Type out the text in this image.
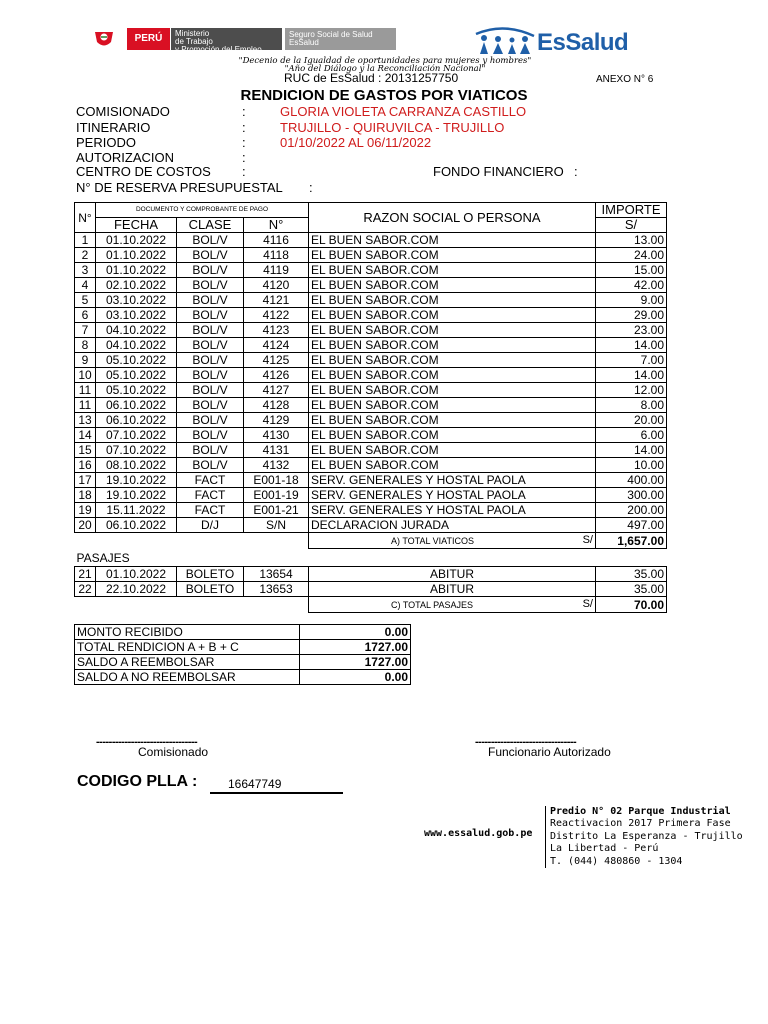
PERÚ	Ministerio
de Trabajo
y Promoción del Empleo
Seguro Social de Salud
EsSalud	EsSalud
"Decenio de la Igualdad de oportunidades para mujeres y hombres"
"Año del Diálogo y la Reconciliación Nacional"
RUC de EsSalud : 20131257750	ANEXO N° 6
RENDICION DE GASTOS POR VIATICOS
COMISIONADO	:	GLORIA VIOLETA CARRANZA CASTILLO
ITINERARIO	:	TRUJILLO - QUIRUVILCA - TRUJILLO
PERIODO	:	01/10/2022 AL 06/11/2022
AUTORIZACION	:
CENTRO DE COSTOS :	FONDO FINANCIERO :
N° DE RESERVA PRESUPUESTAL :
N°	DOCUMENTO Y COMPROBANTE DE PAGO			RAZON SOCIAL O PERSONA	IMPORTE
	FECHA	CLASE	N°		S/
1	01.10.2022	BOL/V	4116	EL BUEN SABOR.COM	13.00
2	01.10.2022	BOL/V	4118	EL BUEN SABOR.COM	24.00
3	01.10.2022	BOL/V	4119	EL BUEN SABOR.COM	15.00
4	02.10.2022	BOL/V	4120	EL BUEN SABOR.COM	42.00
5	03.10.2022	BOL/V	4121	EL BUEN SABOR.COM	9.00
6	03.10.2022	BOL/V	4122	EL BUEN SABOR.COM	29.00
7	04.10.2022	BOL/V	4123	EL BUEN SABOR.COM	23.00
8	04.10.2022	BOL/V	4124	EL BUEN SABOR.COM	14.00
9	05.10.2022	BOL/V	4125	EL BUEN SABOR.COM	7.00
10	05.10.2022	BOL/V	4126	EL BUEN SABOR.COM	14.00
11	05.10.2022	BOL/V	4127	EL BUEN SABOR.COM	12.00
11	06.10.2022	BOL/V	4128	EL BUEN SABOR.COM	8.00
13	06.10.2022	BOL/V	4129	EL BUEN SABOR.COM	20.00
14	07.10.2022	BOL/V	4130	EL BUEN SABOR.COM	6.00
15	07.10.2022	BOL/V	4131	EL BUEN SABOR.COM	14.00
16	08.10.2022	BOL/V	4132	EL BUEN SABOR.COM	10.00
17	19.10.2022	FACT	E001-18	SERV. GENERALES Y HOSTAL PAOLA	400.00
18	19.10.2022	FACT	E001-19	SERV. GENERALES Y HOSTAL PAOLA	300.00
19	15.11.2022	FACT	E001-21	SERV. GENERALES Y HOSTAL PAOLA	200.00
20	06.10.2022	D/J	S/N	DECLARACION JURADA	497.00
				A) TOTAL VIATICOS S/	1,657.00
PASAJES					
21	01.10.2022	BOLETO	13654	ABITUR	35.00
22	22.10.2022	BOLETO	13653	ABITUR	35.00
				C) TOTAL PASAJES S/	70.00
MONTO RECIBIDO	0.00
TOTAL RENDICION A + B + C	1727.00
SALDO A REEMBOLSAR	1727.00
SALDO A NO REEMBOLSAR	0.00
--------------------------------
Comisionado
--------------------------------
Funcionario Autorizado
CODIGO PLLA :	16647749
www.essalud.gob.pe
Predio N° 02 Parque Industrial
Reactivacion 2017 Primera Fase
Distrito La Esperanza - Trujillo
La Libertad - Perú
T. (044) 480860 - 1304
